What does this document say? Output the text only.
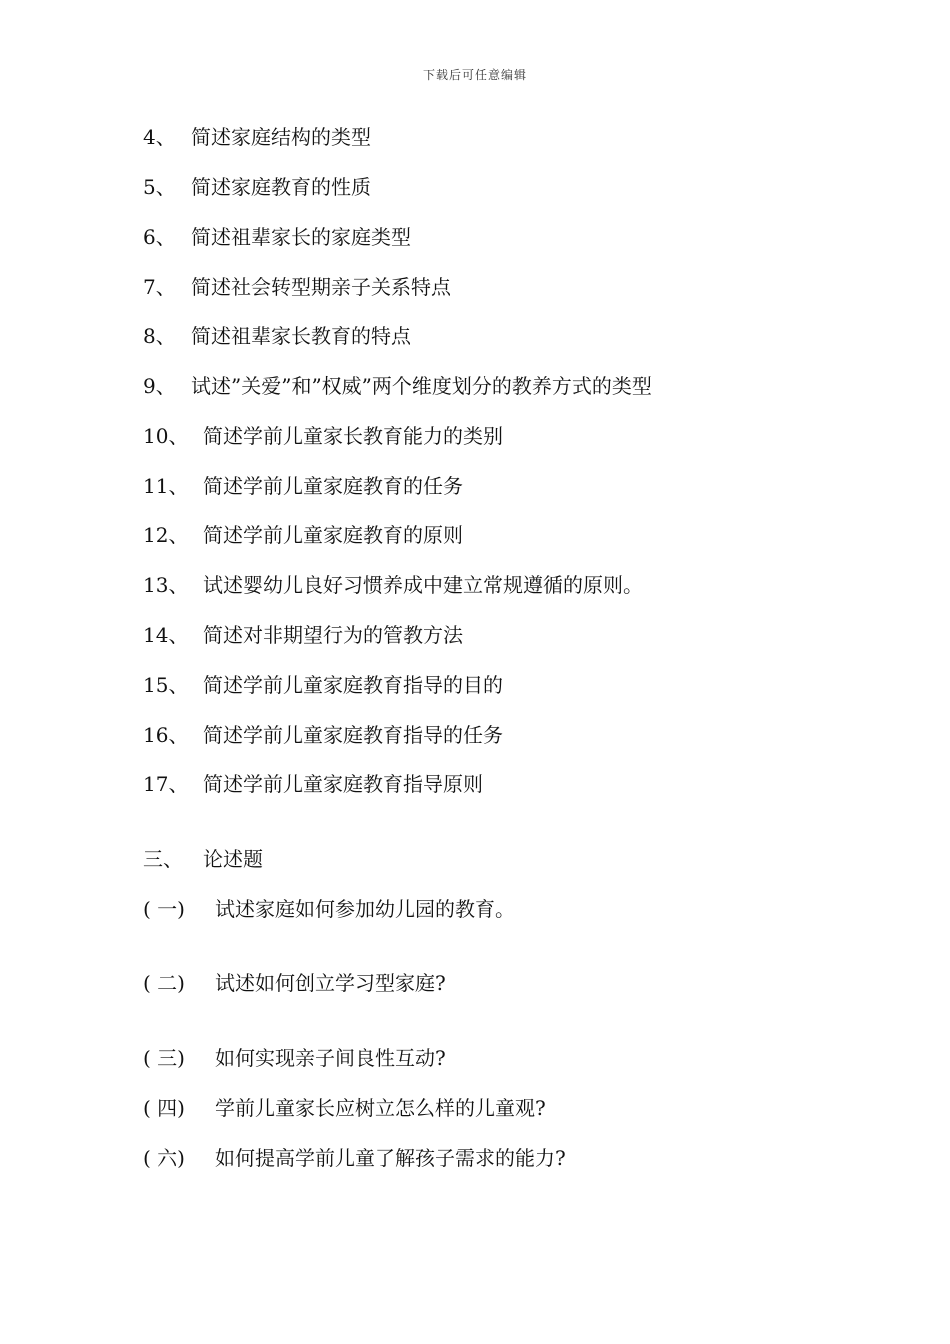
下载后可任意编辑
4、 简述家庭结构的类型
5、 简述家庭教育的性质
6、 简述祖辈家长的家庭类型
7、 简述社会转型期亲子关系特点
8、 简述祖辈家长教育的特点
9、 试述”关爱”和”权威”两个维度划分的教养方式的类型
10、 简述学前儿童家长教育能力的类别
11、 简述学前儿童家庭教育的任务
12、 简述学前儿童家庭教育的原则
13、 试述婴幼儿良好习惯养成中建立常规遵循的原则。
14、 简述对非期望行为的管教方法
15、 简述学前儿童家庭教育指导的目的
16、 简述学前儿童家庭教育指导的任务
17、 简述学前儿童家庭教育指导原则
三、	论述题
( 一)	试述家庭如何参加幼儿园的教育。
( 二)	试述如何创立学习型家庭?
( 三)	如何实现亲子间良性互动?
( 四)	学前儿童家长应树立怎么样的儿童观?
( 六)	如何提高学前儿童了解孩子需求的能力?
